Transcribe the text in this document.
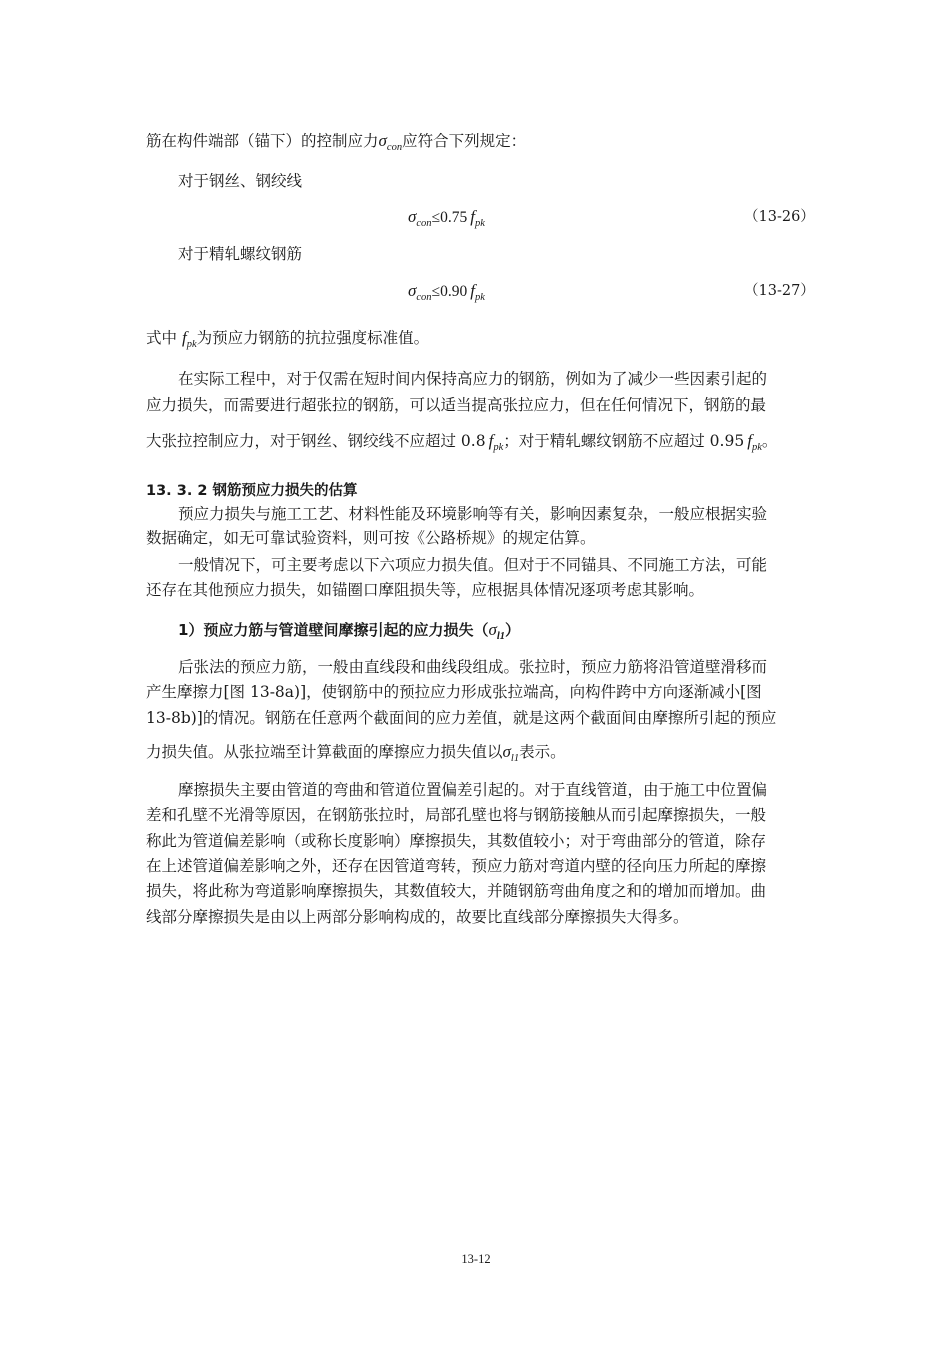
筋在构件端部（锚下）的控制应力$\sigma_{con}$应符合下列规定：
对于钢丝、钢绞线
$\sigma_{con}\le 0.75$ $f_{pk}$	（13-26）
对于精轧螺纹钢筋
$\sigma_{con}\le 0.90$ $f_{pk}$	（13-27）
式中 $f_{pk}$为预应力钢筋的抗拉强度标准值。
在实际工程中，对于仅需在短时间内保持高应力的钢筋，例如为了减少一些因素引起的
应力损失，而需要进行超张拉的钢筋，可以适当提高张拉应力，但在任何情况下，钢筋的最
大张拉控制应力，对于钢丝、钢绞线不应超过 0.8 $f_{pk}$；对于精轧螺纹钢筋不应超过 0.95 $f_{pk}$。
13. 3. 2 钢筋预应力损失的估算
预应力损失与施工工艺、材料性能及环境影响等有关，影响因素复杂，一般应根据实验
数据确定，如无可靠试验资料，则可按《公路桥规》的规定估算。
一般情况下，可主要考虑以下六项应力损失值。但对于不同锚具、不同施工方法，可能
还存在其他预应力损失，如锚圈口摩阻损失等，应根据具体情况逐项考虑其影响。
1）预应力筋与管道壁间摩擦引起的应力损失$(\sigma_{l1})$
后张法的预应力筋，一般由直线段和曲线段组成。张拉时，预应力筋将沿管道壁滑移而
产生摩擦力[图 13-8a)]，使钢筋中的预拉应力形成张拉端高，向构件跨中方向逐渐减小[图
13-8b)]的情况。钢筋在任意两个截面间的应力差值，就是这两个截面间由摩擦所引起的预应
力损失值。从张拉端至计算截面的摩擦应力损失值以$\sigma_{l1}$表示。
摩擦损失主要由管道的弯曲和管道位置偏差引起的。对于直线管道，由于施工中位置偏
差和孔壁不光滑等原因，在钢筋张拉时，局部孔壁也将与钢筋接触从而引起摩擦损失，一般
称此为管道偏差影响（或称长度影响）摩擦损失，其数值较小；对于弯曲部分的管道，除存
在上述管道偏差影响之外，还存在因管道弯转，预应力筋对弯道内壁的径向压力所起的摩擦
损失，将此称为弯道影响摩擦损失，其数值较大，并随钢筋弯曲角度之和的增加而增加。曲
线部分摩擦损失是由以上两部分影响构成的，故要比直线部分摩擦损失大得多。
13-12
